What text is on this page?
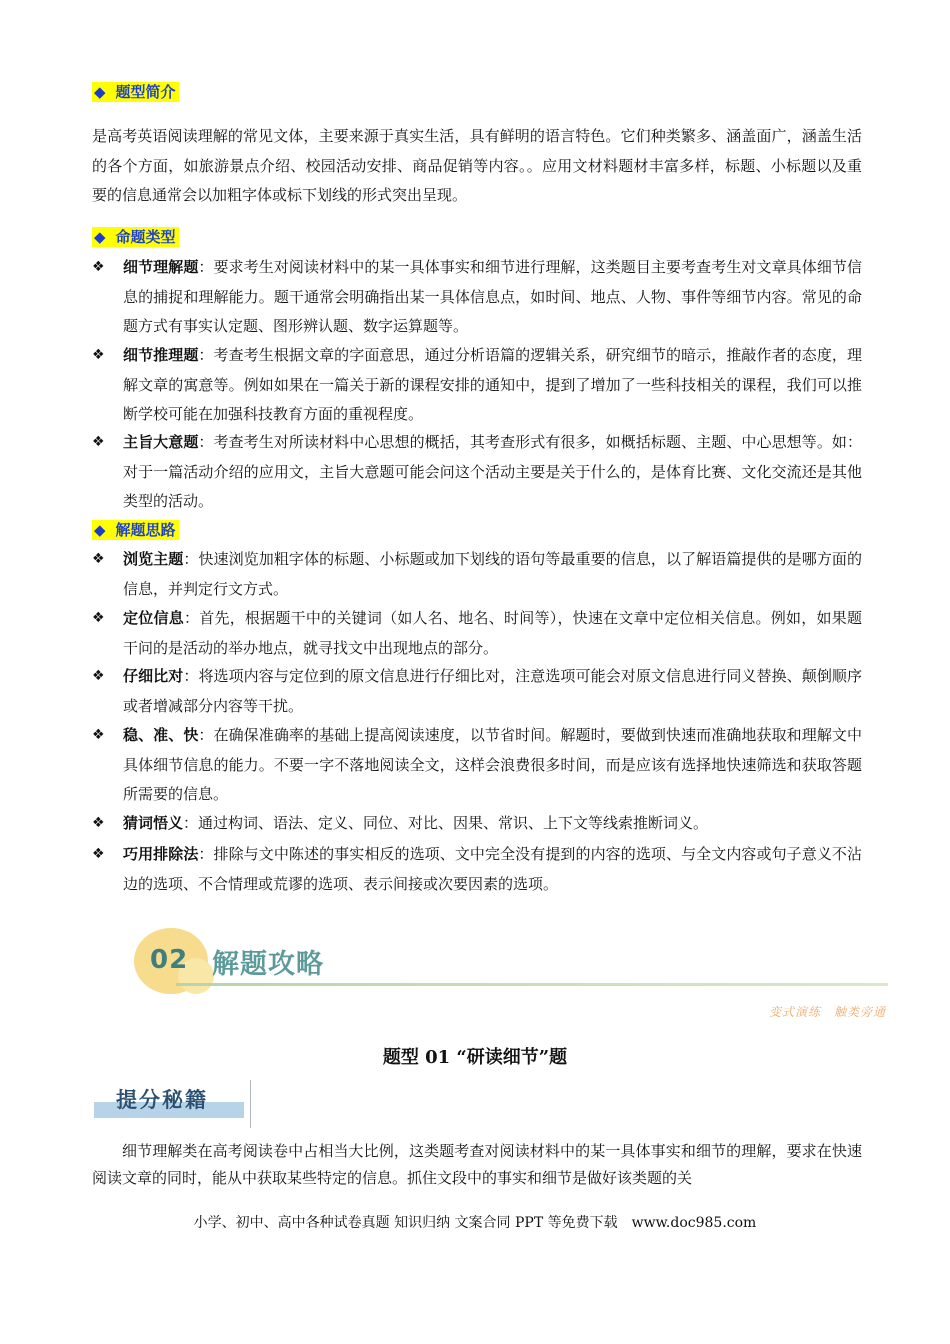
◆ 题型简介
是高考英语阅读理解的常见文体，主要来源于真实生活，具有鲜明的语言特色。它们种类繁多、涵盖面广，涵盖生活的各个方面，如旅游景点介绍、校园活动安排、商品促销等内容。。应用文材料题材丰富多样，标题、小标题以及重要的信息通常会以加粗字体或标下划线的形式突出呈现。
◆ 命题类型
❖	细节理解题：要求考生对阅读材料中的某一具体事实和细节进行理解，这类题目主要考查考生对文章具体细节信息的捕捉和理解能力。题干通常会明确指出某一具体信息点，如时间、地点、人物、事件等细节内容。常见的命题方式有事实认定题、图形辨认题、数字运算题等。
❖	细节推理题：考查考生根据文章的字面意思，通过分析语篇的逻辑关系，研究细节的暗示，推敲作者的态度，理解文章的寓意等。例如如果在一篇关于新的课程安排的通知中，提到了增加了一些科技相关的课程，我们可以推断学校可能在加强科技教育方面的重视程度。
❖	主旨大意题：考查考生对所读材料中心思想的概括，其考查形式有很多，如概括标题、主题、中心思想等。如：对于一篇活动介绍的应用文，主旨大意题可能会问这个活动主要是关于什么的，是体育比赛、文化交流还是其他类型的活动。
◆ 解题思路
❖	浏览主题：快速浏览加粗字体的标题、小标题或加下划线的语句等最重要的信息，以了解语篇提供的是哪方面的信息，并判定行文方式。
❖	定位信息：首先，根据题干中的关键词（如人名、地名、时间等），快速在文章中定位相关信息。例如，如果题干问的是活动的举办地点，就寻找文中出现地点的部分。
❖	仔细比对：将选项内容与定位到的原文信息进行仔细比对，注意选项可能会对原文信息进行同义替换、颠倒顺序或者增减部分内容等干扰。
❖	稳、准、快：在确保准确率的基础上提高阅读速度，以节省时间。解题时，要做到快速而准确地获取和理解文中具体细节信息的能力。不要一字不落地阅读全文，这样会浪费很多时间，而是应该有选择地快速筛选和获取答题所需要的信息。
❖	猜词悟义：通过构词、语法、定义、同位、对比、因果、常识、上下文等线索推断词义。
❖	巧用排除法：排除与文中陈述的事实相反的选项、文中完全没有提到的内容的选项、与全文内容或句子意义不沾边的选项、不合情理或荒谬的选项、表示间接或次要因素的选项。
02 解题攻略
变式演练　触类旁通
题型 01 “研读细节”题
提分秘籍
细节理解类在高考阅读卷中占相当大比例，这类题考查对阅读材料中的某一具体事实和细节的理解，要求在快速阅读文章的同时，能从中获取某些特定的信息。抓住文段中的事实和细节是做好该类题的关
小学、初中、高中各种试卷真题 知识归纳 文案合同 PPT 等免费下载　www.doc985.com
